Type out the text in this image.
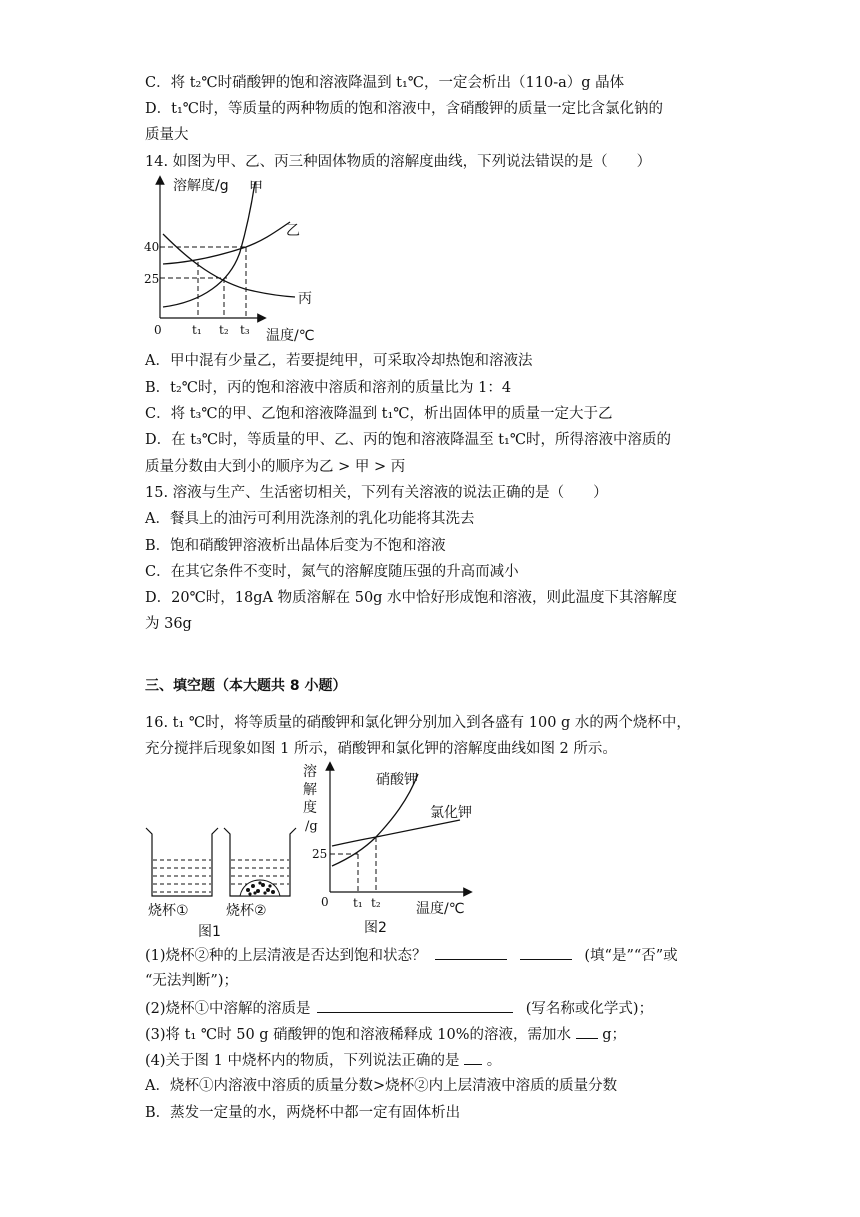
C．将 t₂℃时硝酸钾的饱和溶液降温到 t₁℃，一定会析出（110-a）g 晶体
D．t₁℃时，等质量的两种物质的饱和溶液中，含硝酸钾的质量一定比含氯化钠的
质量大
14. 如图为甲、乙、丙三种固体物质的溶解度曲线，下列说法错误的是（　　）
溶解度/g 甲
乙
丙
40
25
0	t₁ t₂ t₃ 温度/℃
A．甲中混有少量乙，若要提纯甲，可采取冷却热饱和溶液法
B．t₂℃时，丙的饱和溶液中溶质和溶剂的质量比为 1：4
C．将 t₃℃的甲、乙饱和溶液降温到 t₁℃，析出固体甲的质量一定大于乙
D．在 t₃℃时，等质量的甲、乙、丙的饱和溶液降温至 t₁℃时，所得溶液中溶质的
质量分数由大到小的顺序为乙 > 甲 > 丙
15. 溶液与生产、生活密切相关，下列有关溶液的说法正确的是（　　）
A．餐具上的油污可利用洗涤剂的乳化功能将其洗去
B．饱和硝酸钾溶液析出晶体后变为不饱和溶液
C．在其它条件不变时，氮气的溶解度随压强的升高而减小
D．20℃时，18gA 物质溶解在 50g 水中恰好形成饱和溶液，则此温度下其溶解度
为 36g
三、填空题（本大题共 8 小题）
16. t₁ ℃时，将等质量的硝酸钾和氯化钾分别加入到各盛有 100 g 水的两个烧杯中，
充分搅拌后现象如图 1 所示，硝酸钾和氯化钾的溶解度曲线如图 2 所示。
烧杯①	烧杯②
图1
溶
解
度
/g
硝酸钾
氯化钾
25
0 t₁ t₂	温度/℃
图2
(1)烧杯②种的上层清液是否达到饱和状态？	(填“是”“否”或
“无法判断”)；
(2)烧杯①中溶解的溶质是	(写名称或化学式)；
(3)将 t₁ ℃时 50 g 硝酸钾的饱和溶液稀释成 10%的溶液，需加水 g；
(4)关于图 1 中烧杯内的物质，下列说法正确的是 。
A．烧杯①内溶液中溶质的质量分数>烧杯②内上层清液中溶质的质量分数
B．蒸发一定量的水，两烧杯中都一定有固体析出
